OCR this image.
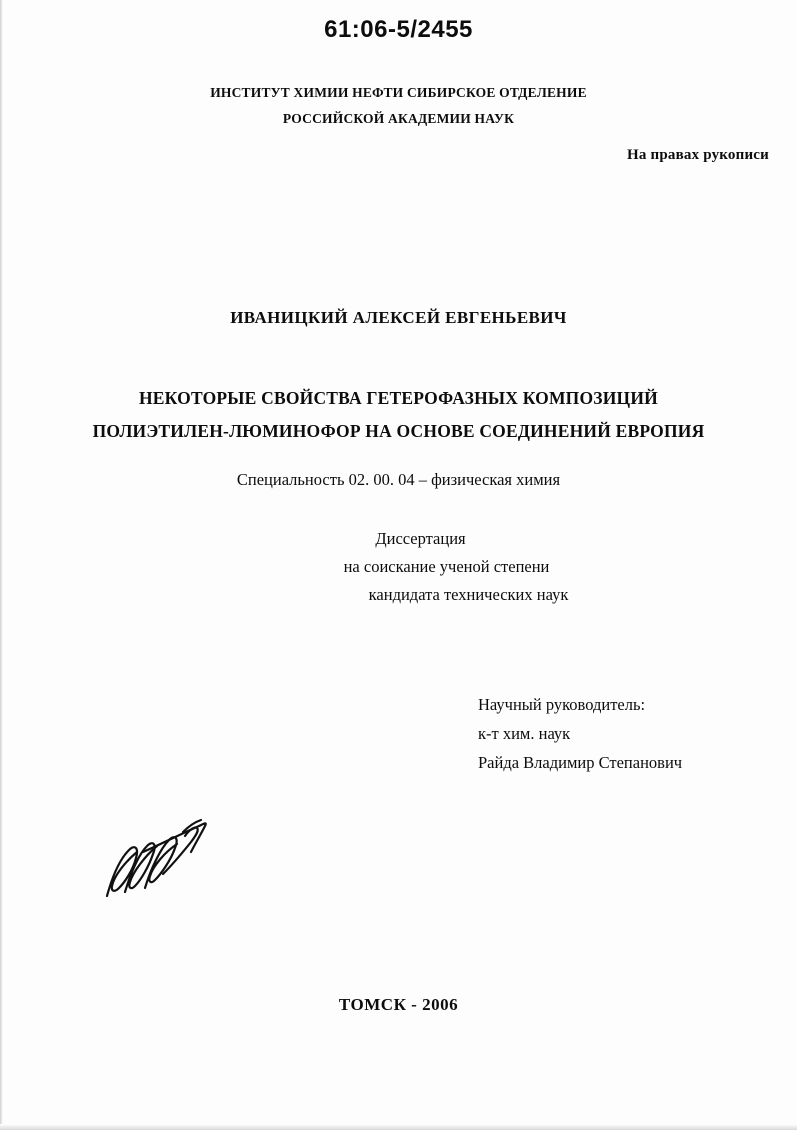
61:06-5/2455
ИНСТИТУТ ХИМИИ НЕФТИ СИБИРСКОЕ ОТДЕЛЕНИЕ
РОССИЙСКОЙ АКАДЕМИИ НАУК
На правах рукописи
ИВАНИЦКИЙ АЛЕКСЕЙ ЕВГЕНЬЕВИЧ
НЕКОТОРЫЕ СВОЙСТВА ГЕТЕРОФАЗНЫХ КОМПОЗИЦИЙ
ПОЛИЭТИЛЕН-ЛЮМИНОФОР НА ОСНОВЕ СОЕДИНЕНИЙ ЕВРОПИЯ
Специальность 02. 00. 04 – физическая химия
Диссертация
на соискание ученой степени
кандидата технических наук
Научный руководитель:
к-т хим. наук
Райда Владимир Степанович
ТОМСК - 2006
